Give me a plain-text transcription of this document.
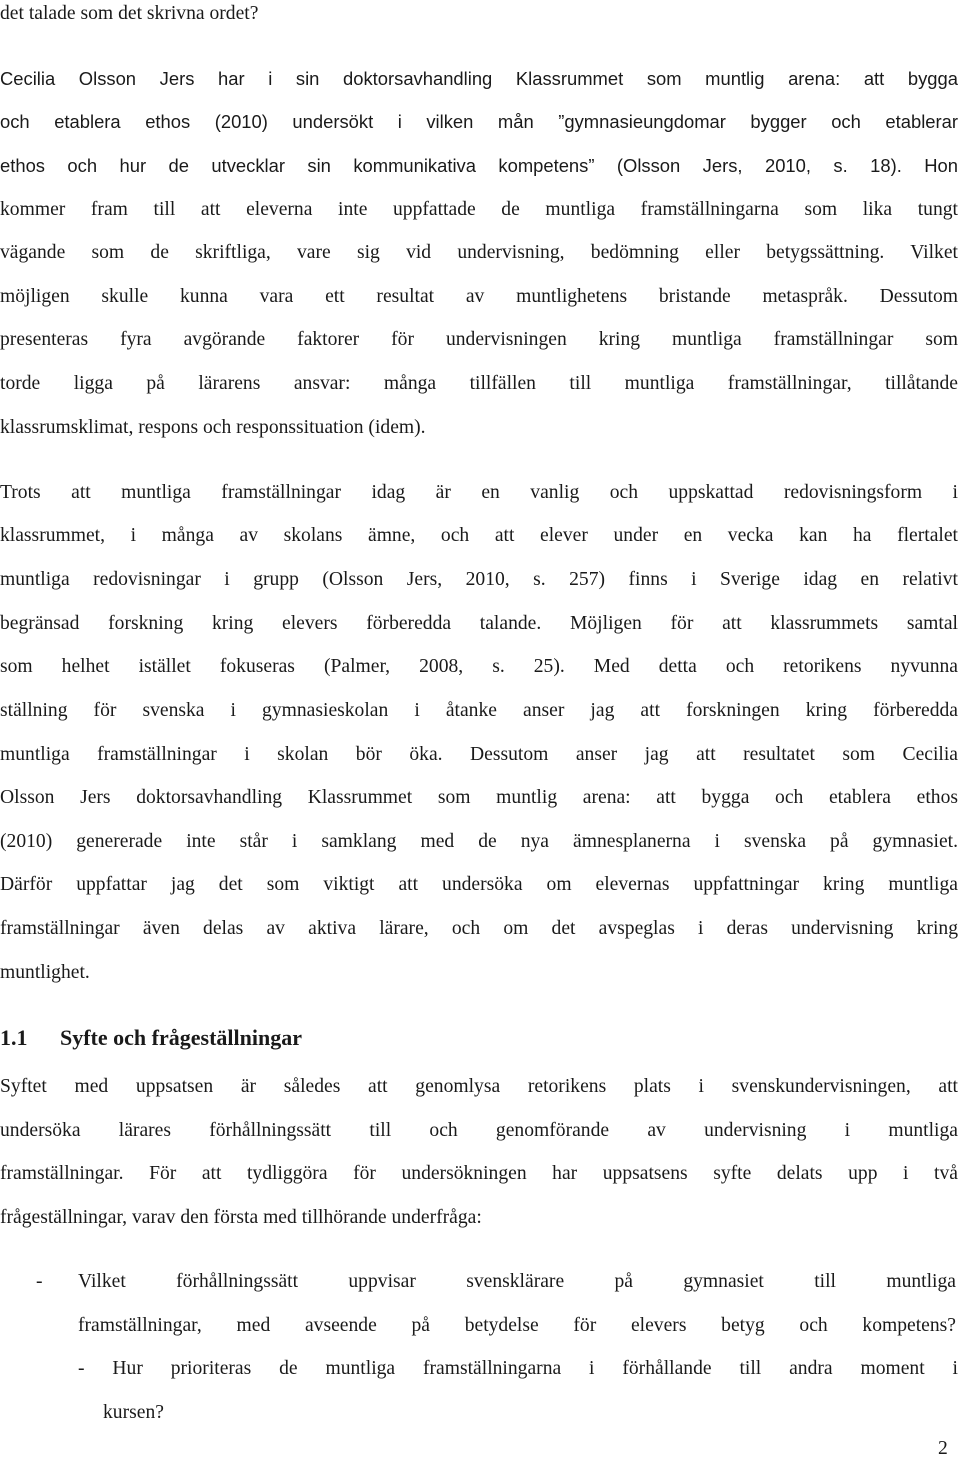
det talade som det skrivna ordet?

Cecilia Olsson Jers har i sin doktorsavhandling Klassrummet som muntlig arena: att bygga

och etablera ethos (2010) undersökt i vilken mån ”gymnasieungdomar bygger och etablerar

ethos och hur de utvecklar sin kommunikativa kompetens” (Olsson Jers, 2010, s. 18). Hon

kommer fram till att eleverna inte uppfattade de muntliga framställningarna som lika tungt

vägande som de skriftliga, vare sig vid undervisning, bedömning eller betygssättning. Vilket

möjligen skulle kunna vara ett resultat av muntlighetens bristande metaspråk. Dessutom

presenteras fyra avgörande faktorer för undervisningen kring muntliga framställningar som

torde ligga på lärarens ansvar: många tillfällen till muntliga framställningar, tillåtande

klassrumsklimat, respons och responssituation (idem).

Trots att muntliga framställningar idag är en vanlig och uppskattad redovisningsform i

klassrummet, i många av skolans ämne, och att elever under en vecka kan ha flertalet

muntliga redovisningar i grupp (Olsson Jers, 2010, s. 257) finns i Sverige idag en relativt

begränsad forskning kring elevers förberedda talande. Möjligen för att klassrummets samtal

som helhet istället fokuseras (Palmer, 2008, s. 25). Med detta och retorikens nyvunna

ställning för svenska i gymnasieskolan i åtanke anser jag att forskningen kring förberedda

muntliga framställningar i skolan bör öka. Dessutom anser jag att resultatet som Cecilia

Olsson Jers doktorsavhandling Klassrummet som muntlig arena: att bygga och etablera ethos

(2010) genererade inte står i samklang med de nya ämnesplanerna i svenska på gymnasiet.

Därför uppfattar jag det som viktigt att undersöka om elevernas uppfattningar kring muntliga

framställningar även delas av aktiva lärare, och om det avspeglas i deras undervisning kring

muntlighet.

1.1 Syfte och frågeställningar

Syftet med uppsatsen är således att genomlysa retorikens plats i svenskundervisningen, att

undersöka lärares förhållningssätt till och genomförande av undervisning i muntliga

framställningar. För att tydliggöra för undersökningen har uppsatsens syfte delats upp i två

frågeställningar, varav den första med tillhörande underfråga:

- Vilket förhållningssätt uppvisar svensklärare på gymnasiet till muntliga

framställningar, med avseende på betydelse för elevers betyg och kompetens?

- Hur prioriteras de muntliga framställningarna i förhållande till andra moment i

kursen?

2
